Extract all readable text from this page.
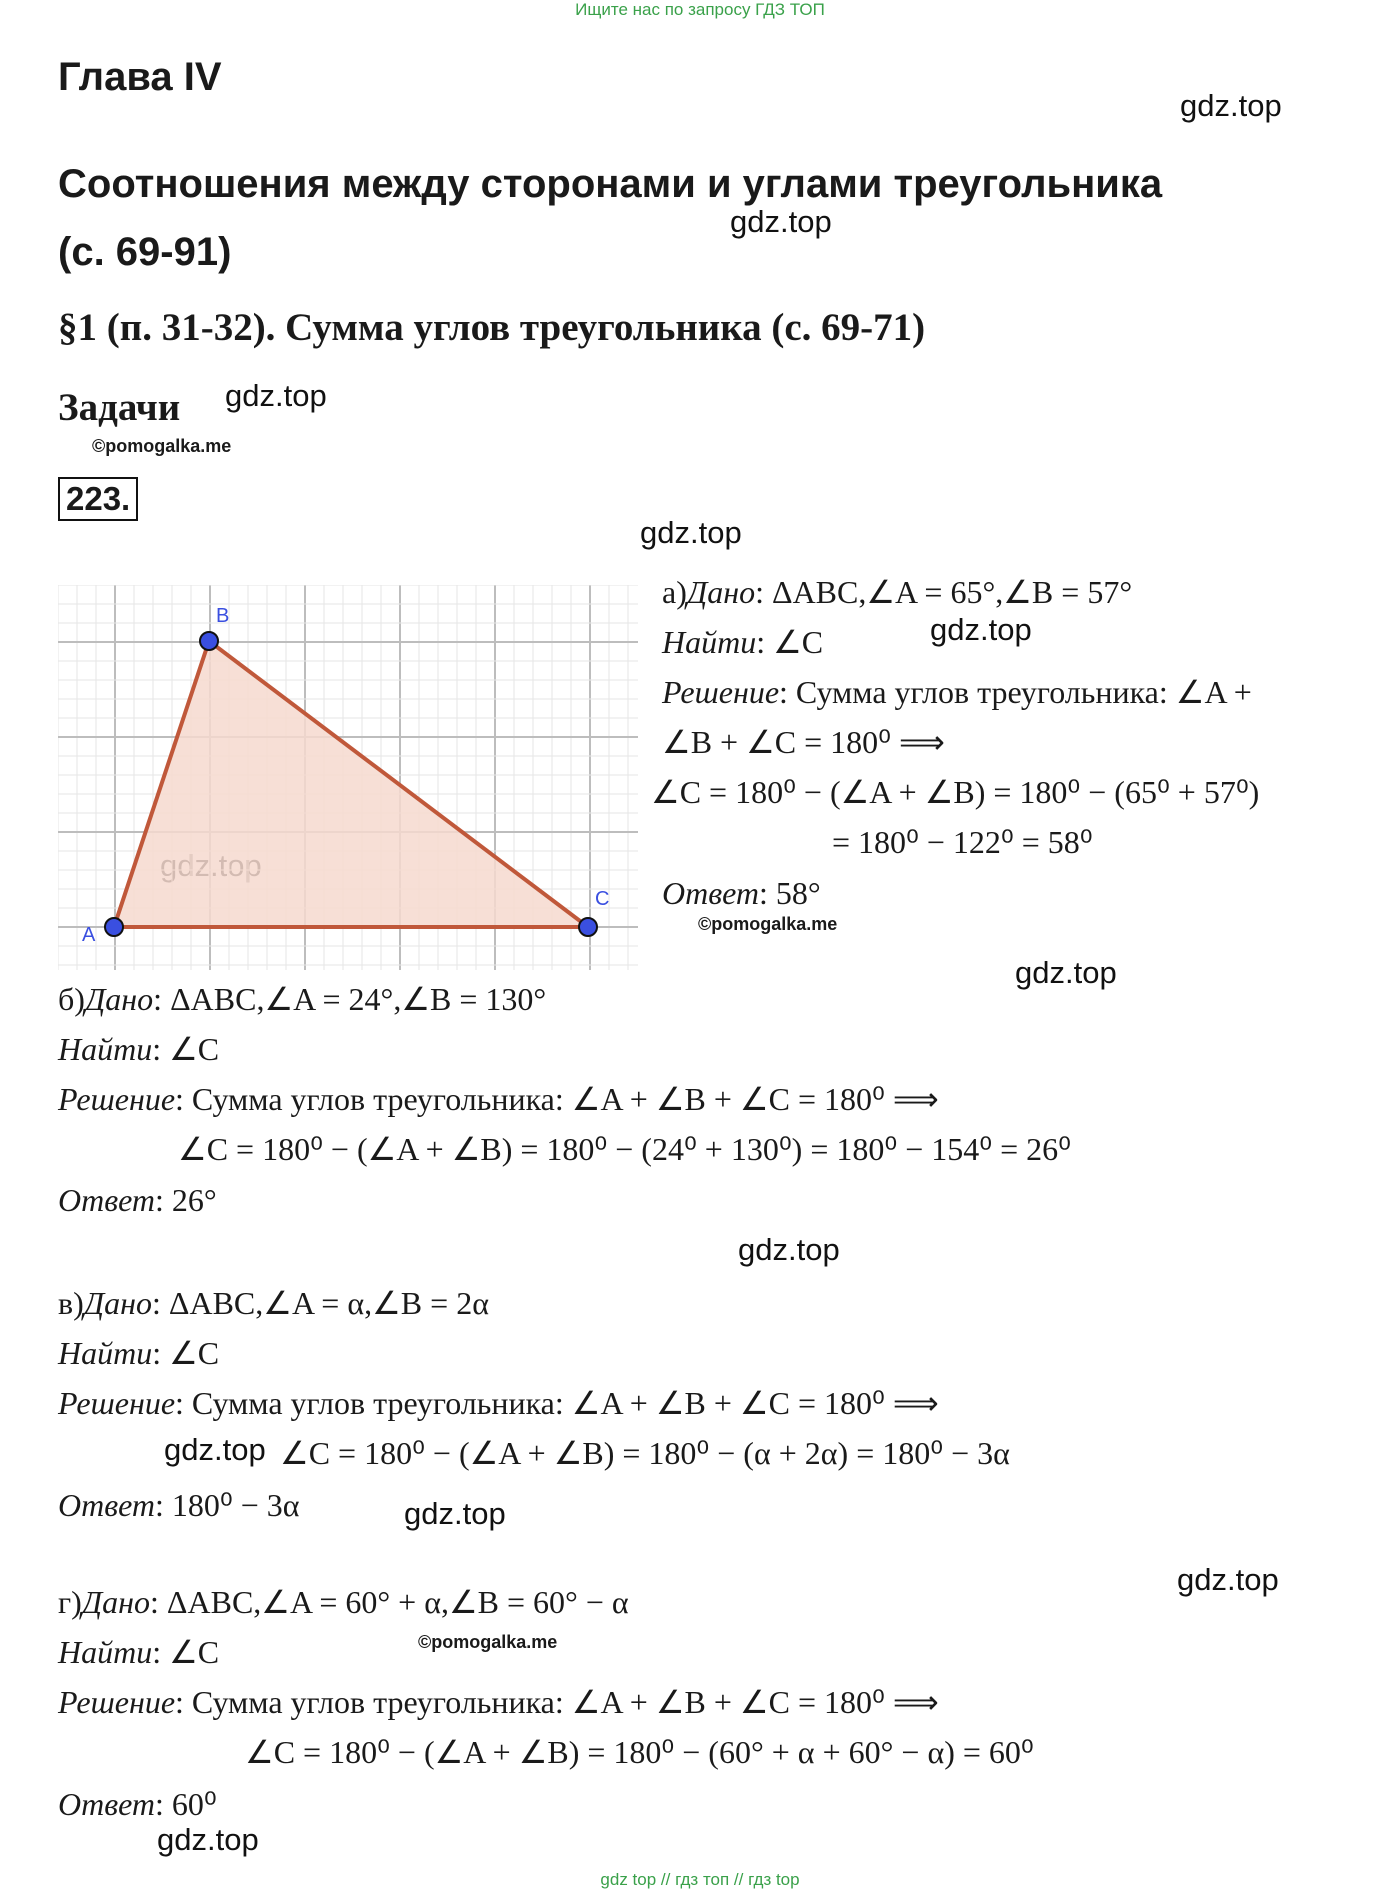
Ищите нас по запросу ГДЗ ТОП
Глава IV
Соотношения между сторонами и углами треугольника
(с. 69-91)
§1 (п. 31-32). Сумма углов треугольника (с. 69-71)
Задачи
gdz.top
gdz.top
gdz.top
gdz.top
gdz.top
gdz.top
gdz.top
gdz.top
gdz.top
gdz.top
gdz.top
©pomogalka.me
©pomogalka.me
©pomogalka.me
223.
A
B
C
а)Дано: ΔABC,∠A = 65°,∠B = 57°
Найти: ∠C
Решение: Сумма углов треугольника: ∠A +
∠B + ∠C = 180⁰ ⟹
∠C = 180⁰ − (∠A + ∠B) = 180⁰ − (65⁰ + 57⁰)
= 180⁰ − 122⁰ = 58⁰
Ответ: 58°
б)Дано: ΔABC,∠A = 24°,∠B = 130°
Найти: ∠C
Решение: Сумма углов треугольника: ∠A + ∠B + ∠C = 180⁰ ⟹
∠C = 180⁰ − (∠A + ∠B) = 180⁰ − (24⁰ + 130⁰) = 180⁰ − 154⁰ = 26⁰
Ответ: 26°
в)Дано: ΔABC,∠A = α,∠B = 2α
Найти: ∠C
Решение: Сумма углов треугольника: ∠A + ∠B + ∠C = 180⁰ ⟹
∠C = 180⁰ − (∠A + ∠B) = 180⁰ − (α + 2α) = 180⁰ − 3α
Ответ: 180⁰ − 3α
г)Дано: ΔABC,∠A = 60° + α,∠B = 60° − α
Найти: ∠C
Решение: Сумма углов треугольника: ∠A + ∠B + ∠C = 180⁰ ⟹
∠C = 180⁰ − (∠A + ∠B) = 180⁰ − (60° + α + 60° − α) = 60⁰
Ответ: 60⁰
gdz top // гдз топ // гдз top
